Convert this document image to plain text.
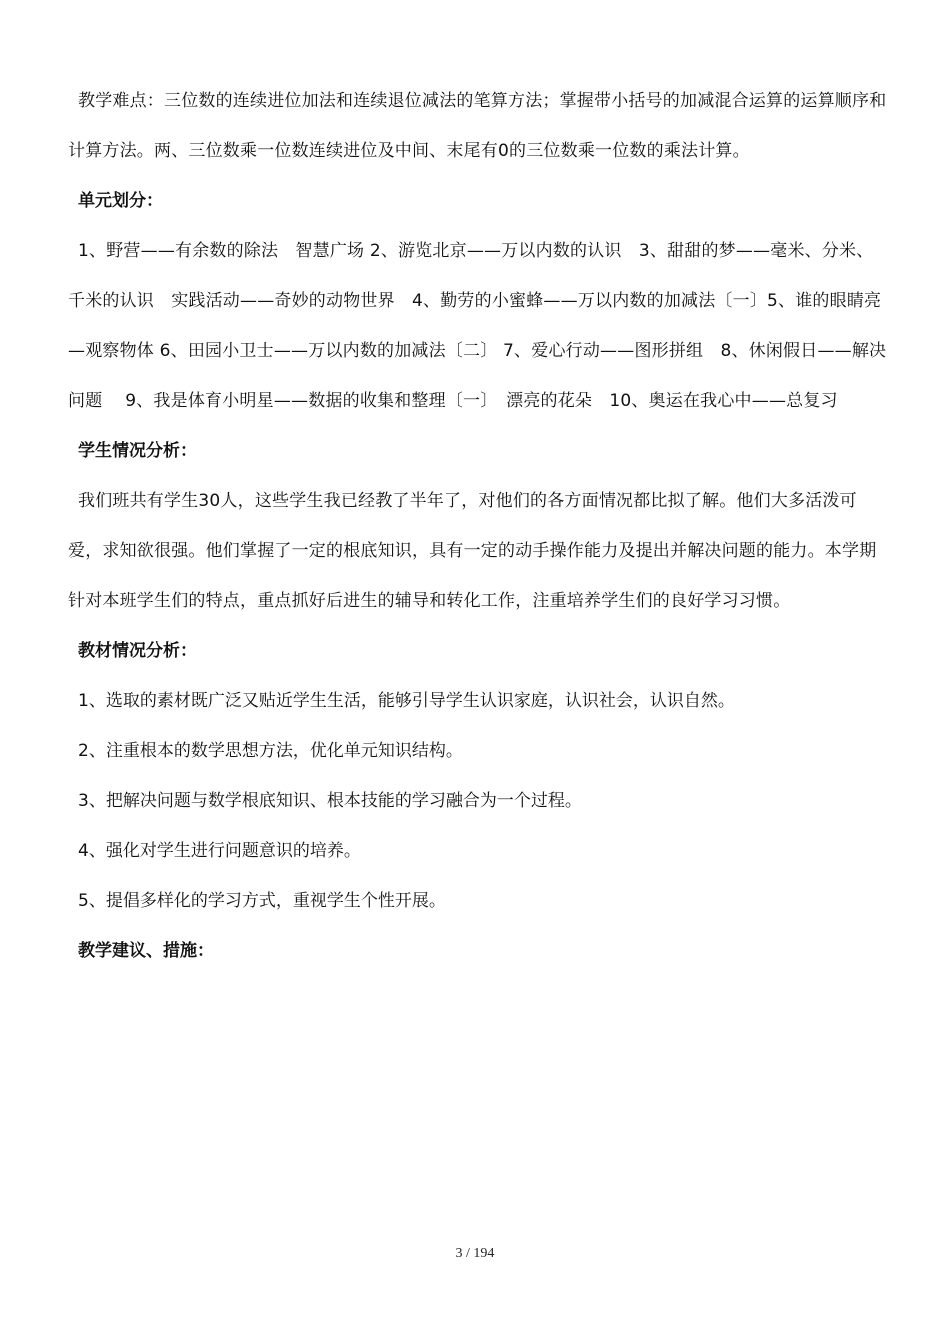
教学难点：三位数的连续进位加法和连续退位减法的笔算方法；掌握带小括号的加减混合运算的运算顺序和计算方法。两、三位数乘一位数连续进位及中间、末尾有0的三位数乘一位数的乘法计算。

单元划分：

1、野营——有余数的除法　智慧广场 2、游览北京——万以内数的认识　3、甜甜的梦——毫米、分米、千米的认识　实践活动——奇妙的动物世界　4、勤劳的小蜜蜂——万以内数的加减法〔一〕5、谁的眼睛亮—观察物体 6、田园小卫士——万以内数的加减法〔二〕 7、爱心行动——图形拼组　8、休闲假日——解决问题　 9、我是体育小明星——数据的收集和整理〔一〕　漂亮的花朵　10、奥运在我心中——总复习

学生情况分析：

我们班共有学生30人，这些学生我已经教了半年了，对他们的各方面情况都比拟了解。他们大多活泼可爱，求知欲很强。他们掌握了一定的根底知识，具有一定的动手操作能力及提出并解决问题的能力。本学期针对本班学生们的特点，重点抓好后进生的辅导和转化工作，注重培养学生们的良好学习习惯。

教材情况分析：

1、选取的素材既广泛又贴近学生生活，能够引导学生认识家庭，认识社会，认识自然。

2、注重根本的数学思想方法，优化单元知识结构。

3、把解决问题与数学根底知识、根本技能的学习融合为一个过程。

4、强化对学生进行问题意识的培养。

5、提倡多样化的学习方式，重视学生个性开展。

教学建议、措施：

3 / 194
